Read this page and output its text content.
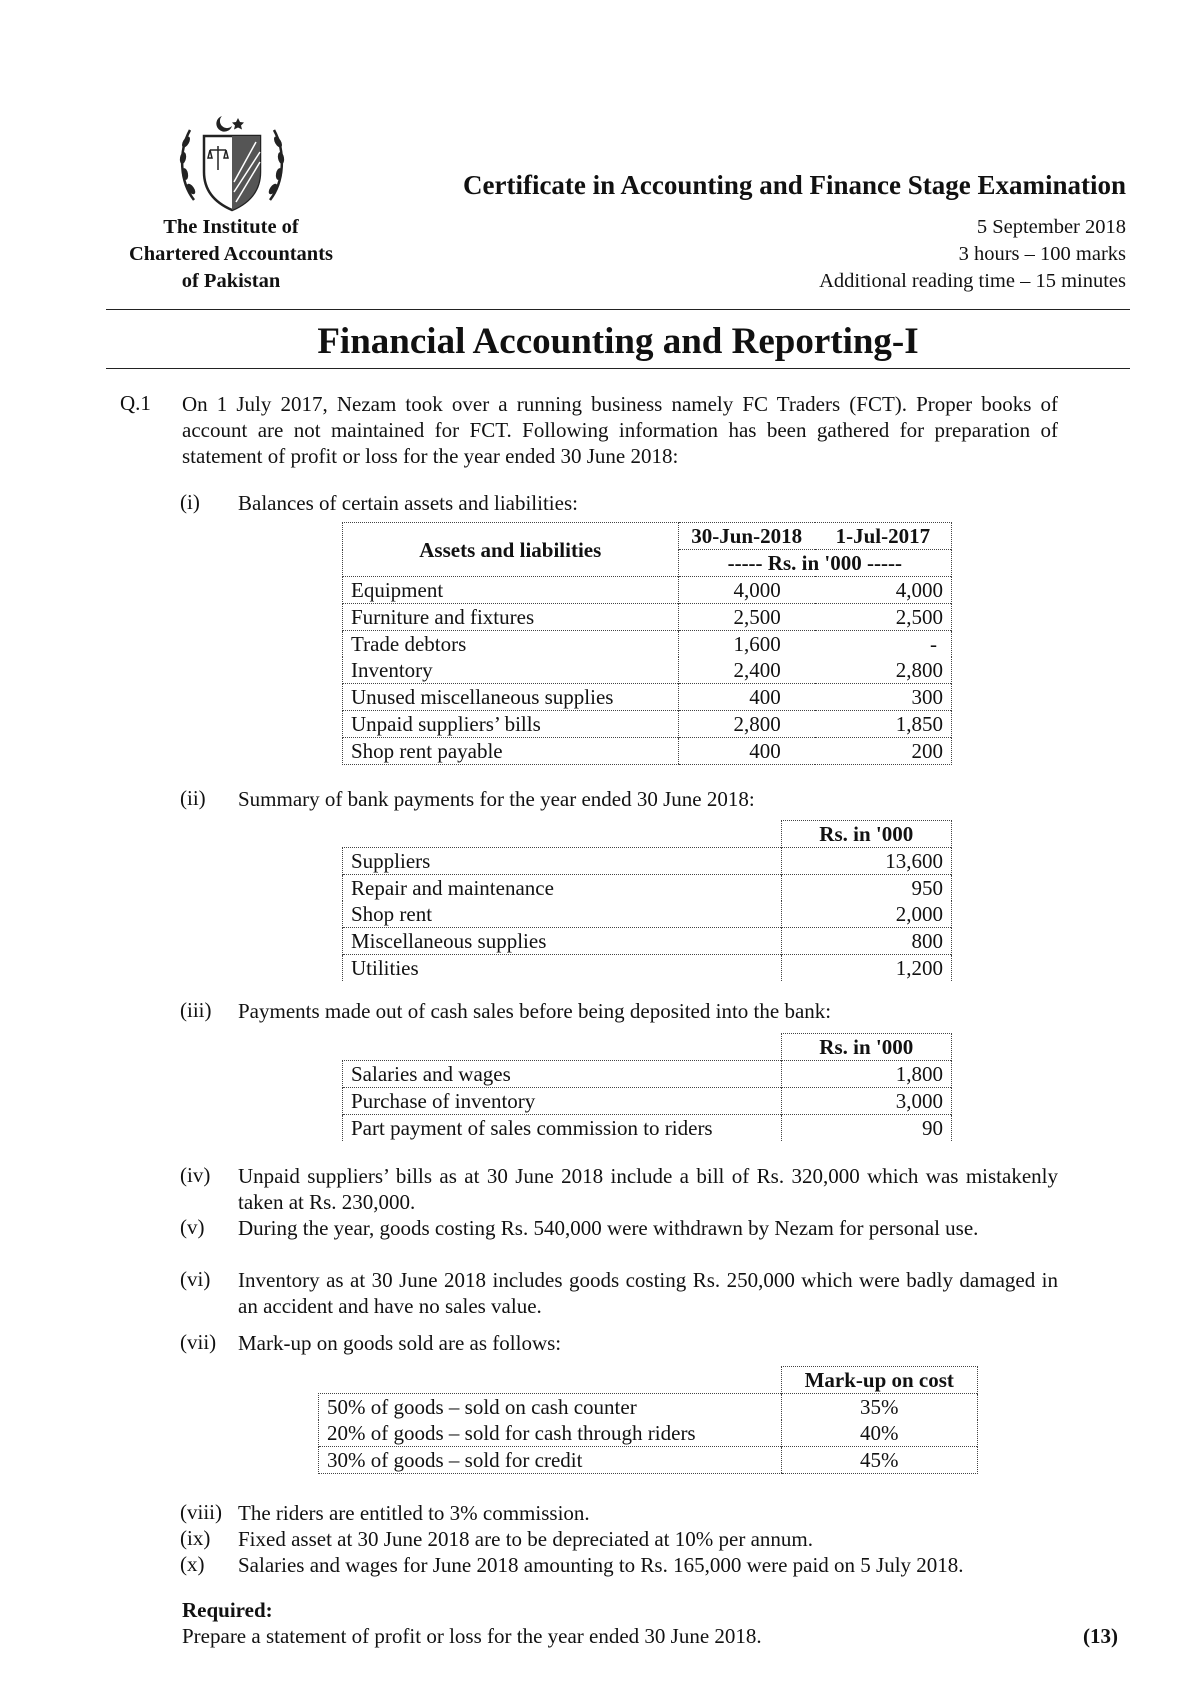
The Institute of
Chartered Accountants
of Pakistan
Certificate in Accounting and Finance Stage Examination
5 September 2018
3 hours – 100 marks
Additional reading time – 15 minutes
Financial Accounting and Reporting-I
Q.1 On 1 July 2017, Nezam took over a running business namely FC Traders (FCT). Proper books of account are not maintained for FCT. Following information has been gathered for preparation of statement of profit or loss for the year ended 30 June 2018:
(i) Balances of certain assets and liabilities:
Assets and liabilities	30-Jun-2018	1-Jul-2017
	----- Rs. in '000 -----	
Equipment	4,000	4,000
Furniture and fixtures	2,500	2,500
Trade debtors	1,600	-
Inventory	2,400	2,800
Unused miscellaneous supplies	400	300
Unpaid suppliers’ bills	2,800	1,850
Shop rent payable	400	200
(ii) Summary of bank payments for the year ended 30 June 2018:
	Rs. in '000
Suppliers	13,600
Repair and maintenance	950
Shop rent	2,000
Miscellaneous supplies	800
Utilities	1,200
(iii) Payments made out of cash sales before being deposited into the bank:
	Rs. in '000
Salaries and wages	1,800
Purchase of inventory	3,000
Part payment of sales commission to riders	90
(iv) Unpaid suppliers’ bills as at 30 June 2018 include a bill of Rs. 320,000 which was mistakenly taken at Rs. 230,000.
(v) During the year, goods costing Rs. 540,000 were withdrawn by Nezam for personal use.
(vi) Inventory as at 30 June 2018 includes goods costing Rs. 250,000 which were badly damaged in an accident and have no sales value.
(vii) Mark-up on goods sold are as follows:
	Mark-up on cost
50% of goods – sold on cash counter	35%
20% of goods – sold for cash through riders	40%
30% of goods – sold for credit	45%
(viii) The riders are entitled to 3% commission.
(ix) Fixed asset at 30 June 2018 are to be depreciated at 10% per annum.
(x) Salaries and wages for June 2018 amounting to Rs. 165,000 were paid on 5 July 2018.
Required:
Prepare a statement of profit or loss for the year ended 30 June 2018.	(13)
